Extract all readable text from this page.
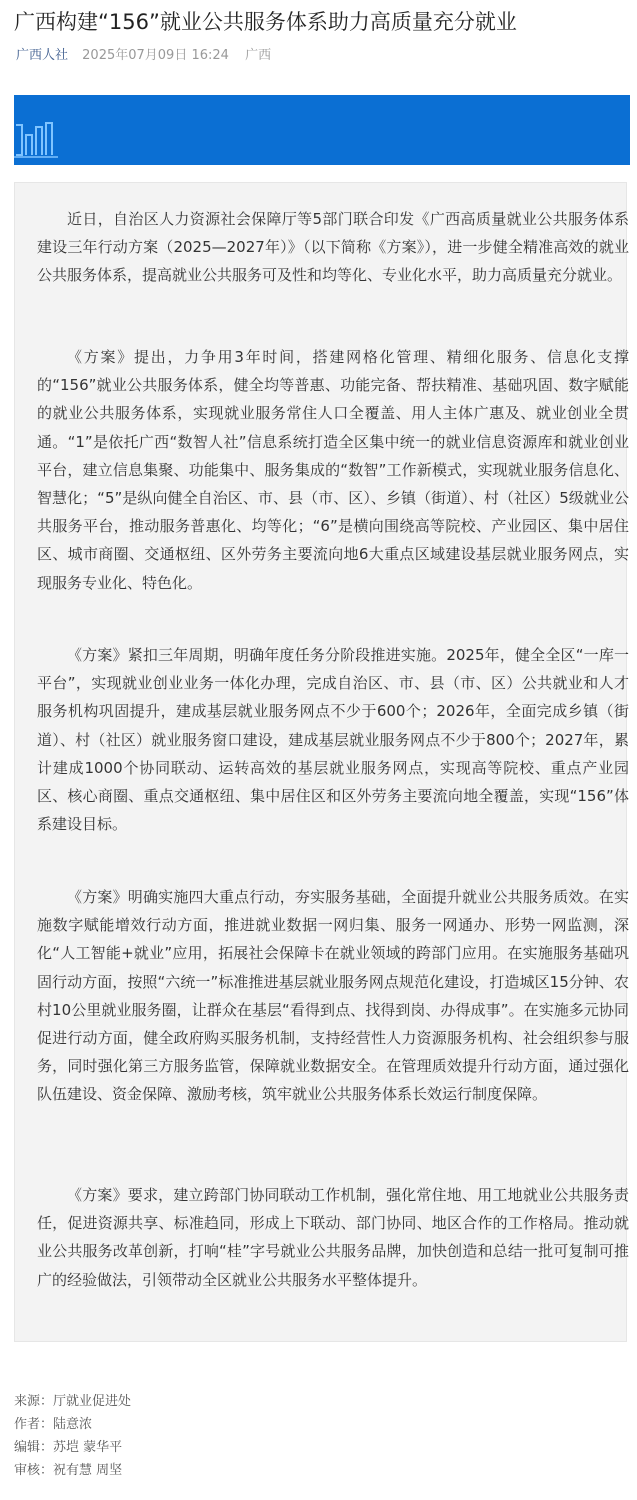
广西构建“156”就业公共服务体系助力高质量充分就业
广西人社 2025年07月09日 16:24 广西

近日，自治区人力资源社会保障厅等5部门联合印发《广西高质量就业公共服务体系建设三年行动方案（2025—2027年）》（以下简称《方案》），进一步健全精准高效的就业公共服务体系，提高就业公共服务可及性和均等化、专业化水平，助力高质量充分就业。

《方案》提出，力争用3年时间，搭建网格化管理、精细化服务、信息化支撑的“156”就业公共服务体系，健全均等普惠、功能完备、帮扶精准、基础巩固、数字赋能的就业公共服务体系，实现就业服务常住人口全覆盖、用人主体广惠及、就业创业全贯通。“1”是依托广西“数智人社”信息系统打造全区集中统一的就业信息资源库和就业创业平台，建立信息集聚、功能集中、服务集成的“数智”工作新模式，实现就业服务信息化、智慧化；“5”是纵向健全自治区、市、县（市、区）、乡镇（街道）、村（社区）5级就业公共服务平台，推动服务普惠化、均等化；“6”是横向围绕高等院校、产业园区、集中居住区、城市商圈、交通枢纽、区外劳务主要流向地6大重点区域建设基层就业服务网点，实现服务专业化、特色化。

《方案》紧扣三年周期，明确年度任务分阶段推进实施。2025年，健全全区“一库一平台”，实现就业创业业务一体化办理，完成自治区、市、县（市、区）公共就业和人才服务机构巩固提升，建成基层就业服务网点不少于600个；2026年，全面完成乡镇（街道）、村（社区）就业服务窗口建设，建成基层就业服务网点不少于800个；2027年，累计建成1000个协同联动、运转高效的基层就业服务网点，实现高等院校、重点产业园区、核心商圈、重点交通枢纽、集中居住区和区外劳务主要流向地全覆盖，实现“156”体系建设目标。

《方案》明确实施四大重点行动，夯实服务基础，全面提升就业公共服务质效。在实施数字赋能增效行动方面，推进就业数据一网归集、服务一网通办、形势一网监测，深化“人工智能+就业”应用，拓展社会保障卡在就业领域的跨部门应用。在实施服务基础巩固行动方面，按照“六统一”标准推进基层就业服务网点规范化建设，打造城区15分钟、农村10公里就业服务圈，让群众在基层“看得到点、找得到岗、办得成事”。在实施多元协同促进行动方面，健全政府购买服务机制，支持经营性人力资源服务机构、社会组织参与服务，同时强化第三方服务监管，保障就业数据安全。在管理质效提升行动方面，通过强化队伍建设、资金保障、激励考核，筑牢就业公共服务体系长效运行制度保障。

《方案》要求，建立跨部门协同联动工作机制，强化常住地、用工地就业公共服务责任，促进资源共享、标准趋同，形成上下联动、部门协同、地区合作的工作格局。推动就业公共服务改革创新，打响“桂”字号就业公共服务品牌，加快创造和总结一批可复制可推广的经验做法，引领带动全区就业公共服务水平整体提升。

来源：厅就业促进处
作者：陆意浓
编辑：苏垲 蒙华平
审核：祝有慧 周坚
